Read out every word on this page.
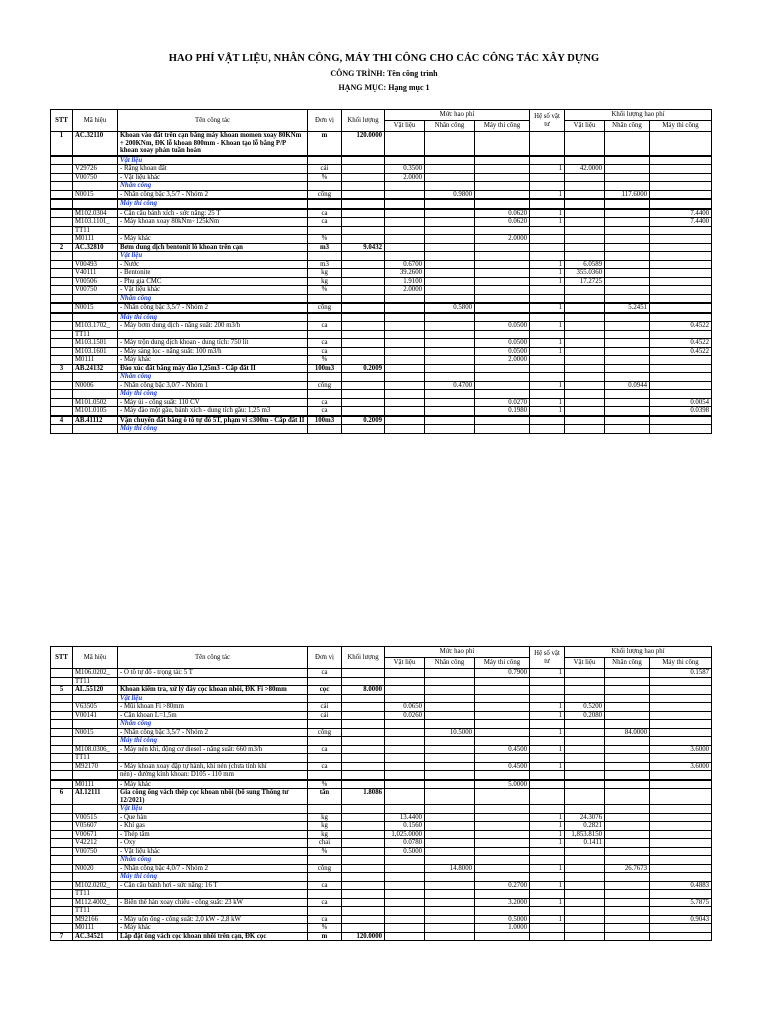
HAO PHÍ VẬT LIỆU, NHÂN CÔNG, MÁY THI CÔNG CHO CÁC CÔNG TÁC XÂY DỰNG
CÔNG TRÌNH: Tên công trình
HẠNG MỤC: Hạng mục 1
STT	Mã hiệu	Tên công tác	Đơn vị	Khối lượng	Mức hao phí			Hệ số vật tư	Khối lượng hao phí		
					Vật liệu	Nhân công	Máy thi công		Vật liệu	Nhân công	Máy thi công
1	AC.32110	Khoan vào đất trên cạn bằng máy khoan momen xoay 80KNm ÷ 200KNm, ĐK lỗ khoan 800mm - Khoan tạo lỗ bằng P/P khoan xoay phản tuần hoàn	m	120.0000							

		Vật liệu									
	V29726	- Răng khoan đất	cái		0.3500			1	42.0000		
	V00750	- Vật liệu khác	%		2.0000						
		Nhân công									
	N0015	- Nhân công bậc 3,5/7 - Nhóm 2	công			0.9800		1		117.6000	

		Máy thi công									

	M102.0304	- Cần cẩu bánh xích - sức nâng: 25 T	ca				0.0620	1			7.4400
	M103.1101_	- Máy khoan xoay 80kNm÷125kNm	ca				0.0620	1			7.4400
	TT11										
	M0111	- Máy khác	%				2.0000				
2	AC.32810	Bơm dung dịch bentonit lỗ khoan trên cạn	m3	9.0432							
		Vật liệu									
	V00493	- Nước	m3		0.6700			1	6.0589		
	V40111	- Bentonite	kg		39.2600			1	355.0360		
	V00506	- Phụ gia CMC	kg		1.9100			1	17.2725		
	V00750	- Vật liệu khác	%		2.0000						
		Nhân công									

	N0015	- Nhân công bậc 3,5/7 - Nhóm 2	công			0.5800		1		5.2451	

		Máy thi công									
	M103.1702_	- Máy bơm dung dịch - năng suất: 200 m3/h	ca				0.0500	1			0.4522
	TT11										
	M103.1501	- Máy trộn dung dịch khoan - dung tích: 750 lít	ca				0.0500	1			0.4522
	M103.1601	- Máy sàng lọc - năng suất: 100 m3/h	ca				0.0500	1			0.4522
	M0111	- Máy khác	%				2.0000				
3	AB.24132	Đào xúc đất bằng máy đào 1,25m3 - Cấp đất II	100m3	0.2009							
		Nhân công									
	N0006	- Nhân công bậc 3,0/7 - Nhóm 1	công			0.4700		1		0.0944	
		Máy thi công									
	M101.0502	- Máy ủi - công suất: 110 CV	ca				0.0270	1			0.0054
	M101.0105	- Máy đào một gầu, bánh xích - dung tích gầu: 1,25 m3	ca				0.1980	1			0.0398

4	AB.41112	Vận chuyển đất bằng ô tô tự đổ 5T, phạm vi ≤300m - Cấp đất II	100m3	0.2009							
		Máy thi công									
STT	Mã hiệu	Tên công tác	Đơn vị	Khối lượng	Mức hao phí			Hệ số vật tư	Khối lượng hao phí		
					Vật liệu	Nhân công	Máy thi công		Vật liệu	Nhân công	Máy thi công
	M106.0202_	- Ô tô tự đổ - trọng tải: 5 T	ca				0.7900	1			0.1587
	TT11										
5	AL.55120	Khoan kiểm tra, xử lý đáy cọc khoan nhồi, ĐK Fi >80mm	cọc	8.0000							
		Vật liệu									
	V63505	- Mũi khoan Fi >80mm	cái		0.0650			1	0.5200		
	V00141	- Cần khoan L=1,5m	cái		0.0260			1	0.2080		
		Nhân công									
	N0015	- Nhân công bậc 3,5/7 - Nhóm 2	công			10.5000		1		84.0000	
		Máy thi công									
	M108.0306_	- Máy nén khí, động cơ diesel - năng suất: 660 m3/h	ca				0.4500	1			3.6000
	TT11										
	M92170	- Máy khoan xoay đập tự hành, khí nén (chưa tính khí	ca				0.4500	1			3.6000
		nén) - đường kính khoan: D105 - 110 mm									

	M0111	- Máy khác	%				5.0000				
6	AI.12111	Gia công ống vách thép cọc khoan nhồi (bổ sung Thông tư 12/2021)	tấn	1.8086							
		Vật liệu									
	V00515	- Que hàn	kg		13.4400			1	24.3076		
	V05607	- Khí gas	kg		0.1560			1	0.2821		
	V00671	- Thép tấm	kg		1,025.0000			1	1,853.8150		
	V42212	- Oxy	chai		0.0780			1	0.1411		
	V00750	- Vật liệu khác	%		0.5000						
		Nhân công									
	N0020	- Nhân công bậc 4,0/7 - Nhóm 2	công			14.8000		1		26.7673	
		Máy thi công									
	M102.0202_	- Cần cẩu bánh hơi - sức nâng: 16 T	ca				0.2700	1			0.4883
	TT11										
	M112.4002_	- Biến thế hàn xoay chiều - công suất: 23 kW	ca				3.2000	1			5.7875
	TT11										
	M92166	- Máy uốn ống - công suất: 2,0 kW - 2,8 kW	ca				0.5000	1			0.9043
	M0111	- Máy khác	%				1.0000				
7	AC.34521	Lắp đặt ống vách cọc khoan nhồi trên cạn, ĐK cọc	m	120.0000							
